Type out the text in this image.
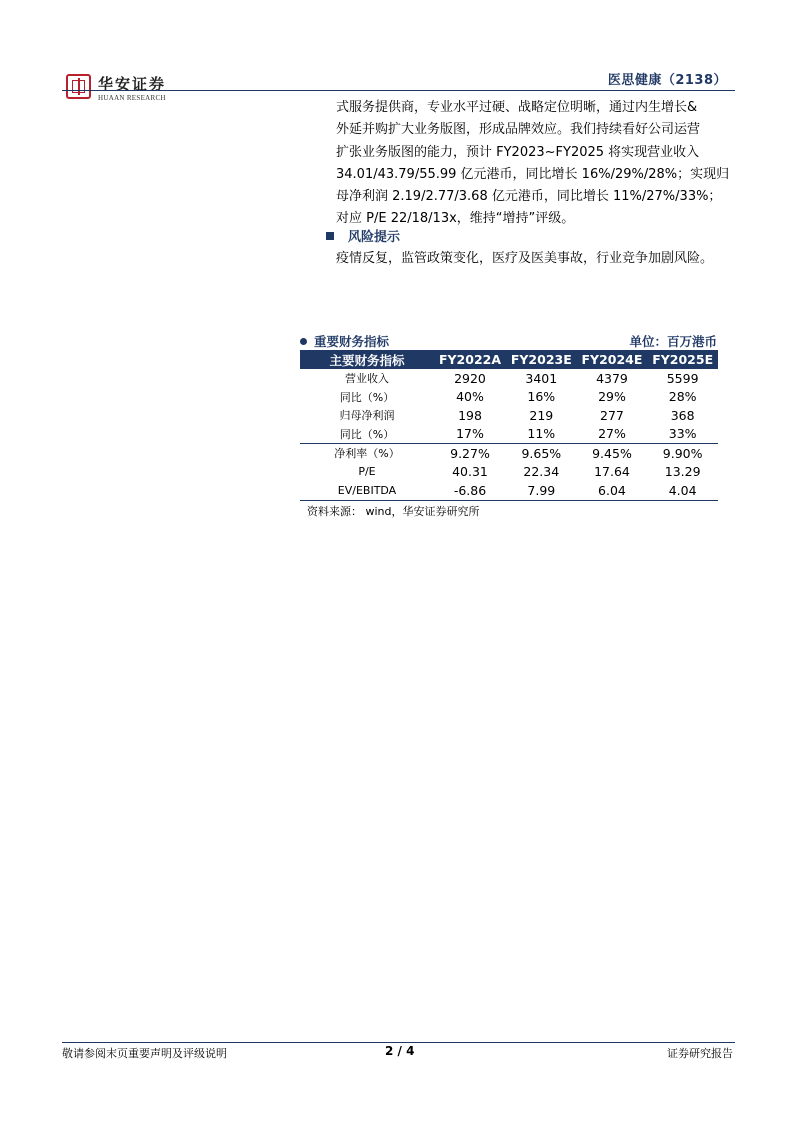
华安证券
HUAAN RESEARCH
医思健康（2138）
式服务提供商，专业水平过硬、战略定位明晰，通过内生增长&
外延并购扩大业务版图，形成品牌效应。我们持续看好公司运营
扩张业务版图的能力，预计 FY2023~FY2025 将实现营业收入
34.01/43.79/55.99 亿元港币，同比增长 16%/29%/28%；实现归
母净利润 2.19/2.77/3.68 亿元港币，同比增长 11%/27%/33%；
对应 P/E 22/18/13x，维持“增持”评级。
风险提示
疫情反复，监管政策变化，医疗及医美事故，行业竞争加剧风险。
重要财务指标	单位：百万港币
主要财务指标	FY2022A	FY2023E	FY2024E	FY2025E
营业收入	2920	3401	4379	5599
同比（%）	40%	16%	29%	28%
归母净利润	198	219	277	368
同比（%）	17%	11%	27%	33%
净利率（%）	9.27%	9.65%	9.45%	9.90%
P/E	40.31	22.34	17.64	13.29
EV/EBITDA	-6.86	7.99	6.04	4.04
资料来源： wind，华安证券研究所
敬请参阅末页重要声明及评级说明	2 / 4	证券研究报告
